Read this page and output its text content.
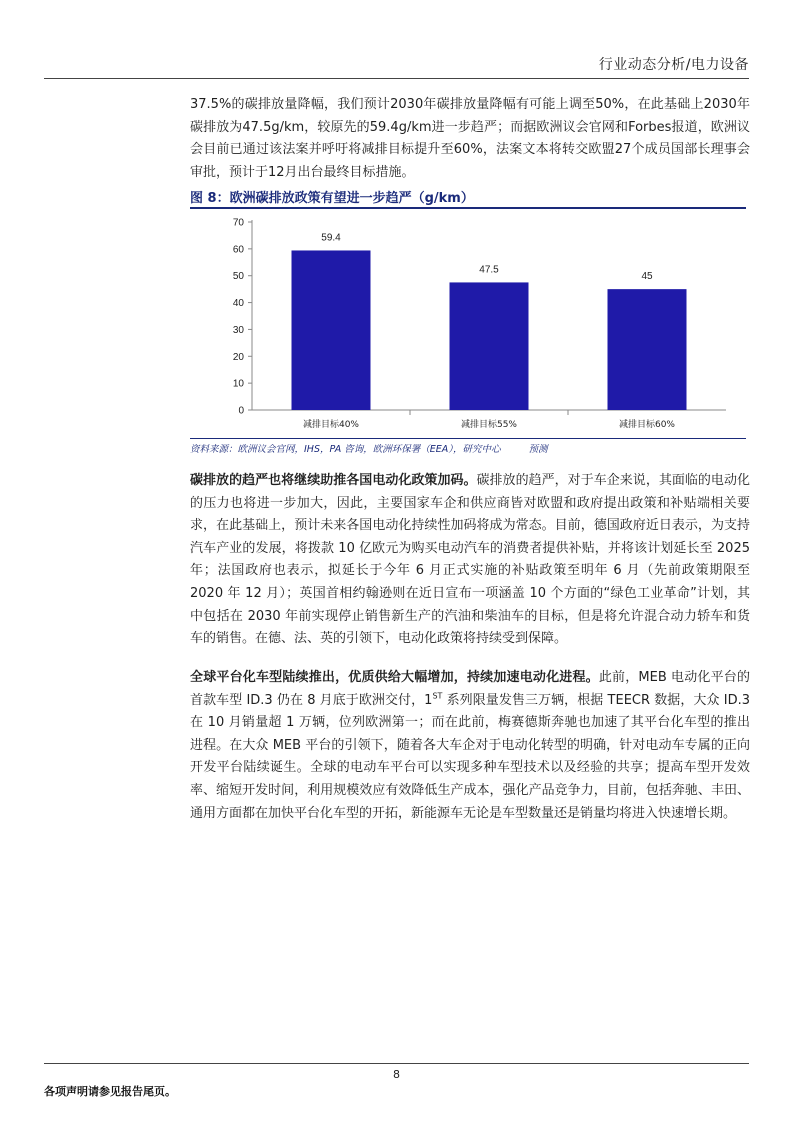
行业动态分析/电力设备

37.5%的碳排放量降幅，我们预计2030年碳排放量降幅有可能上调至50%，在此基础上2030年碳排放为47.5g/km，较原先的59.4g/km进一步趋严；而据欧洲议会官网和Forbes报道，欧洲议会目前已通过该法案并呼吁将减排目标提升至60%，法案文本将转交欧盟27个成员国部长理事会审批，预计于12月出台最终目标措施。

图 8：欧洲碳排放政策有望进一步趋严（g/km）
0
10
20
30
40
50
60
70
59.4
减排目标40%
47.5
减排目标55%
45
减排目标60%
资料来源：欧洲议会官网，IHS，PA 咨询，欧洲环保署（EEA），研究中心	预测

碳排放的趋严也将继续助推各国电动化政策加码。碳排放的趋严，对于车企来说，其面临的电动化的压力也将进一步加大，因此，主要国家车企和供应商皆对欧盟和政府提出政策和补贴端相关要求，在此基础上，预计未来各国电动化持续性加码将成为常态。目前，德国政府近日表示，为支持汽车产业的发展，将拨款 10 亿欧元为购买电动汽车的消费者提供补贴，并将该计划延长至 2025 年；法国政府也表示，拟延长于今年 6 月正式实施的补贴政策至明年 6 月（先前政策期限至 2020 年 12 月）；英国首相约翰逊则在近日宣布一项涵盖 10 个方面的“绿色工业革命”计划，其中包括在 2030 年前实现停止销售新生产的汽油和柴油车的目标，但是将允许混合动力轿车和货车的销售。在德、法、英的引领下，电动化政策将持续受到保障。

全球平台化车型陆续推出，优质供给大幅增加，持续加速电动化进程。此前，MEB 电动化平台的首款车型 ID.3 仍在 8 月底于欧洲交付，1ST 系列限量发售三万辆，根据 TEECR 数据，大众 ID.3 在 10 月销量超 1 万辆，位列欧洲第一；而在此前，梅赛德斯奔驰也加速了其平台化车型的推出进程。在大众 MEB 平台的引领下，随着各大车企对于电动化转型的明确，针对电动车专属的正向开发平台陆续诞生。全球的电动车平台可以实现多种车型技术以及经验的共享；提高车型开发效率、缩短开发时间，利用规模效应有效降低生产成本，强化产品竞争力，目前，包括奔驰、丰田、通用方面都在加快平台化车型的开拓，新能源车无论是车型数量还是销量均将进入快速增长期。

8
各项声明请参见报告尾页。
